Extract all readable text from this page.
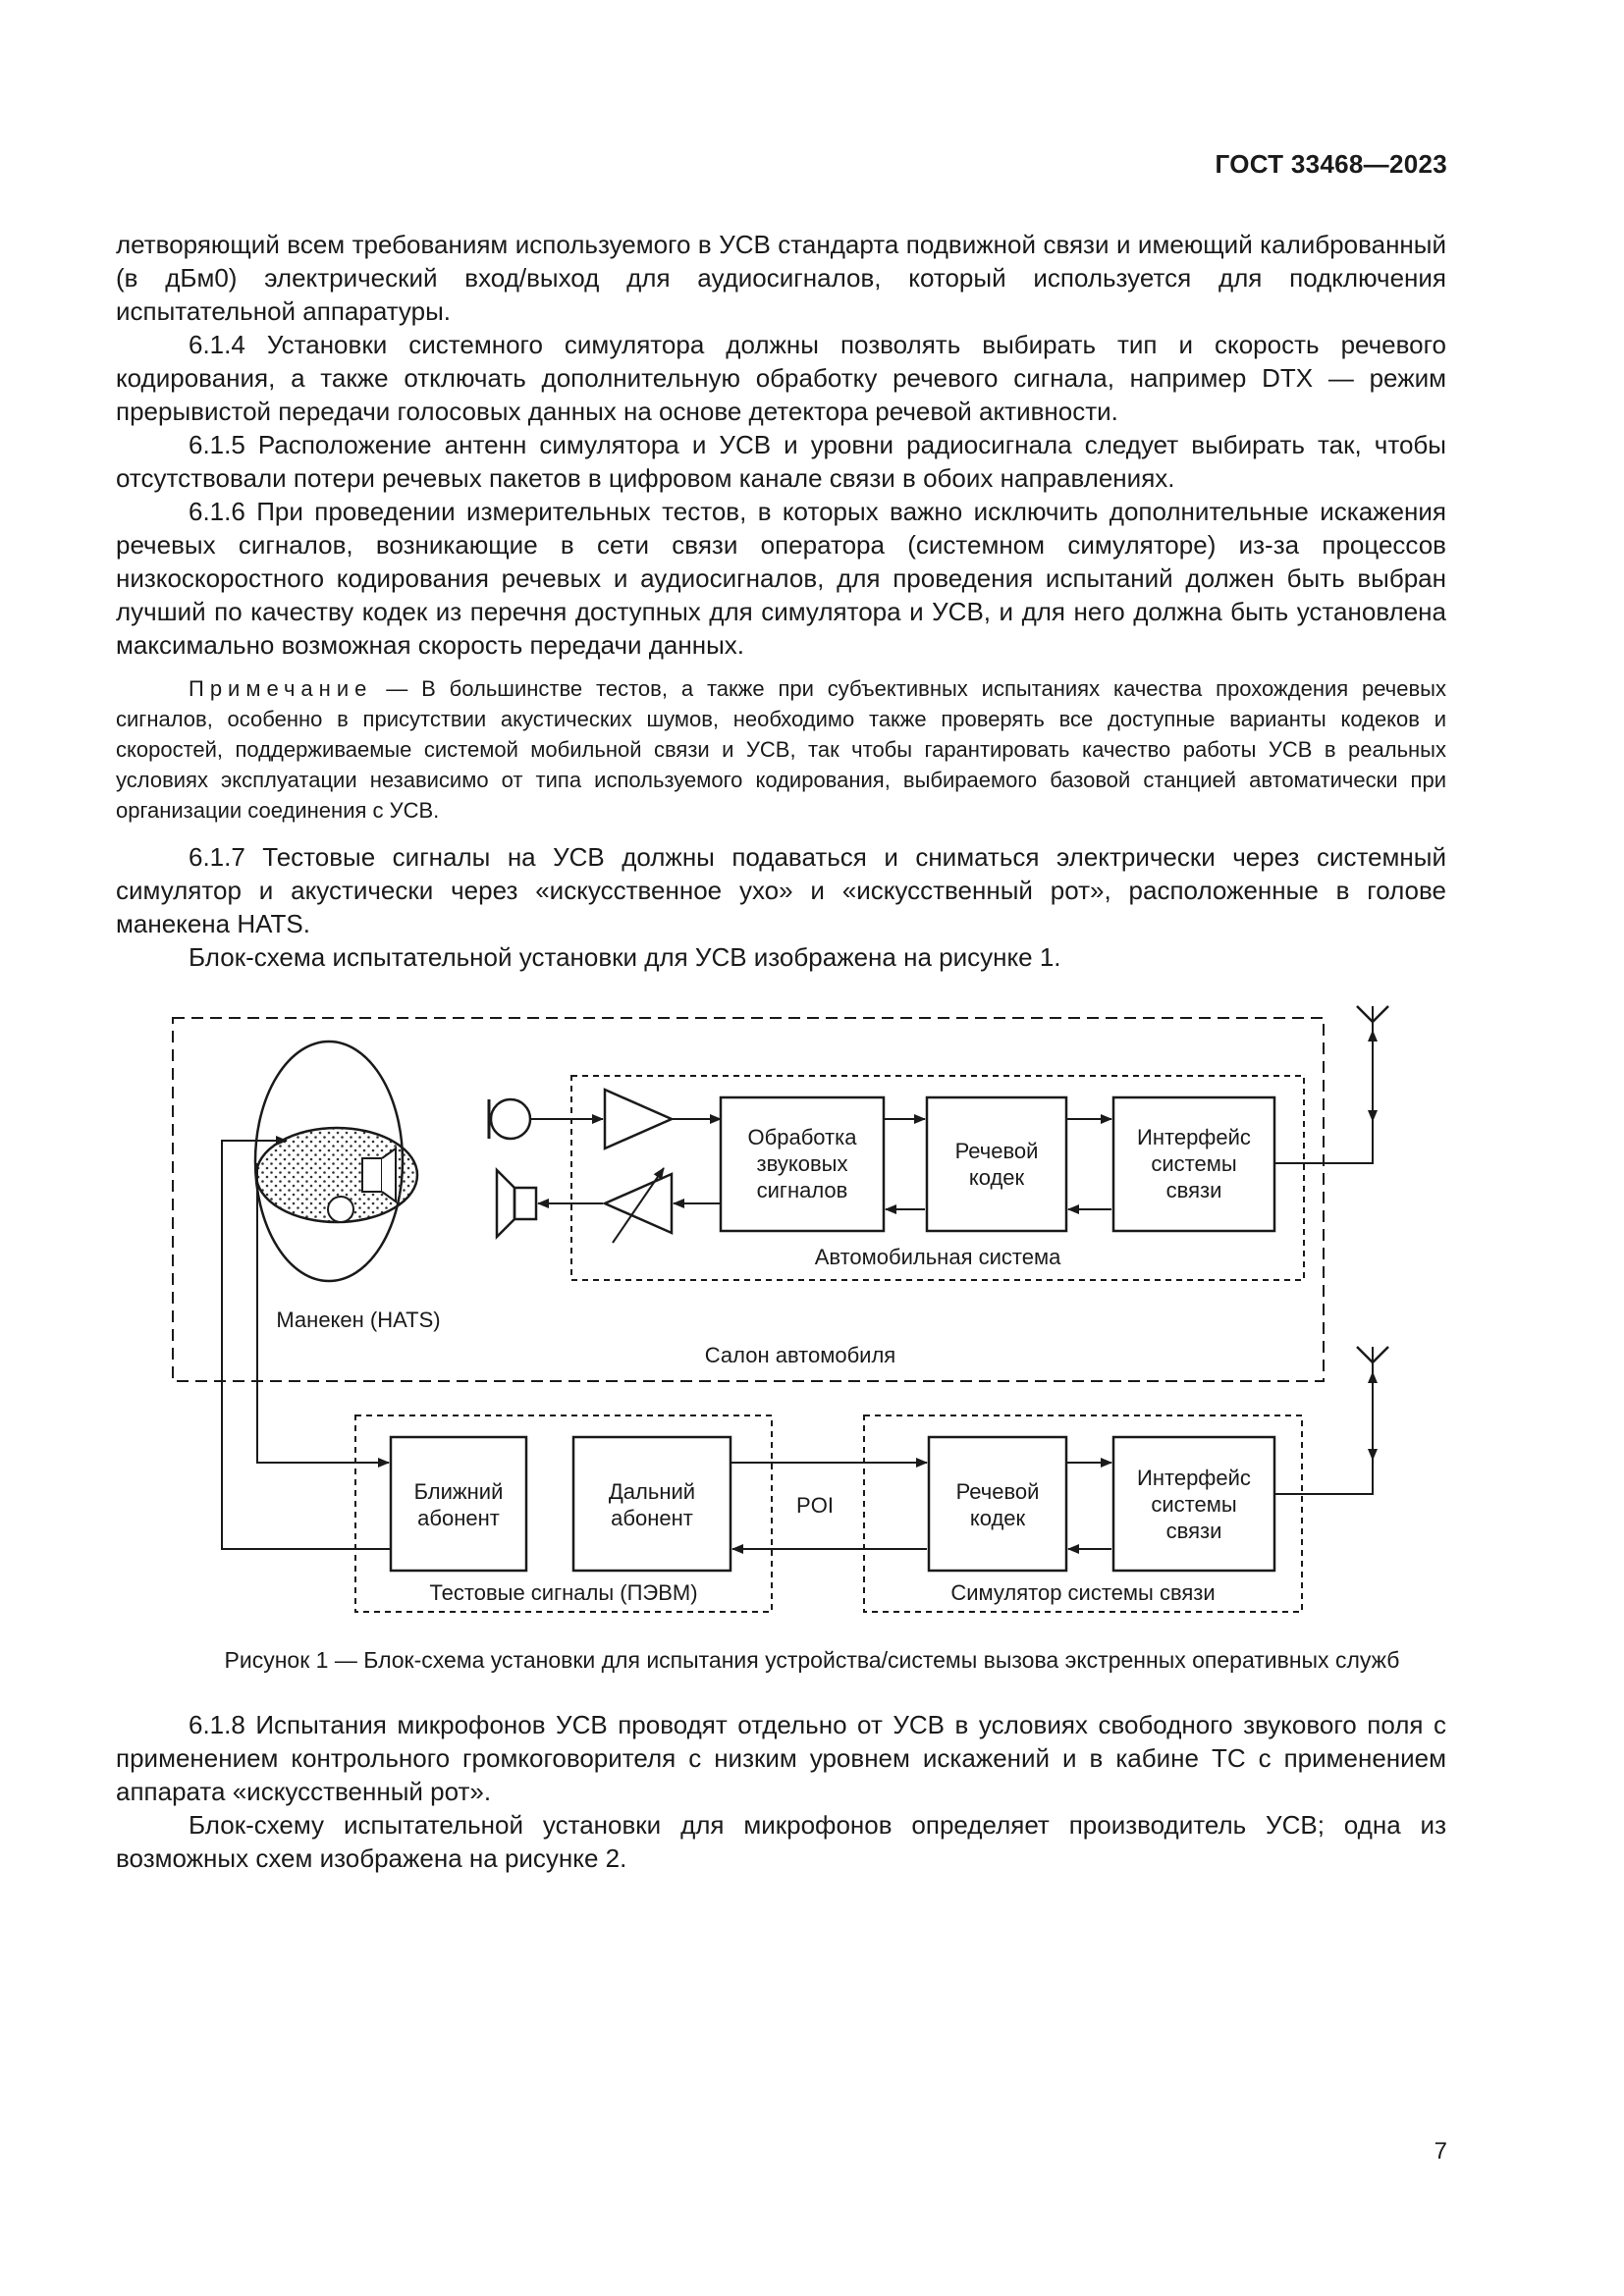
ГОСТ 33468—2023

летворяющий всем требованиям используемого в УСВ стандарта подвижной связи и имеющий калиброванный (в дБм0) электрический вход/выход для аудиосигналов, который используется для подключения испытательной аппаратуры.

6.1.4 Установки системного симулятора должны позволять выбирать тип и скорость речевого кодирования, а также отключать дополнительную обработку речевого сигнала, например DTX — режим прерывистой передачи голосовых данных на основе детектора речевой активности.

6.1.5 Расположение антенн симулятора и УСВ и уровни радиосигнала следует выбирать так, чтобы отсутствовали потери речевых пакетов в цифровом канале связи в обоих направлениях.

6.1.6 При проведении измерительных тестов, в которых важно исключить дополнительные искажения речевых сигналов, возникающие в сети связи оператора (системном симуляторе) из-за процессов низкоскоростного кодирования речевых и аудиосигналов, для проведения испытаний должен быть выбран лучший по качеству кодек из перечня доступных для симулятора и УСВ, и для него должна быть установлена максимально возможная скорость передачи данных.

Примечание — В большинстве тестов, а также при субъективных испытаниях качества прохождения речевых сигналов, особенно в присутствии акустических шумов, необходимо также проверять все доступные варианты кодеков и скоростей, поддерживаемые системой мобильной связи и УСВ, так чтобы гарантировать качество работы УСВ в реальных условиях эксплуатации независимо от типа используемого кодирования, выбираемого базовой станцией автоматически при организации соединения с УСВ.

6.1.7 Тестовые сигналы на УСВ должны подаваться и сниматься электрически через системный симулятор и акустически через «искусственное ухо» и «искусственный рот», расположенные в голове манекена HATS.

Блок-схема испытательной установки для УСВ изображена на рисунке 1.

Обработка
звуковых
сигналов
Речевой
кодек
Интерфейс
системы
связи
Автомобильная система
Манекен (HATS)
Салон автомобиля
Ближний
абонент
Дальний
абонент
POI
Речевой
кодек
Интерфейс
системы
связи
Тестовые сигналы (ПЭВМ)	Симулятор системы связи
Рисунок 1 — Блок-схема установки для испытания устройства/системы вызова экстренных оперативных служб

6.1.8 Испытания микрофонов УСВ проводят отдельно от УСВ в условиях свободного звукового поля с применением контрольного громкоговорителя с низким уровнем искажений и в кабине ТС с применением аппарата «искусственный рот».

Блок-схему испытательной установки для микрофонов определяет производитель УСВ; одна из возможных схем изображена на рисунке 2.

7
